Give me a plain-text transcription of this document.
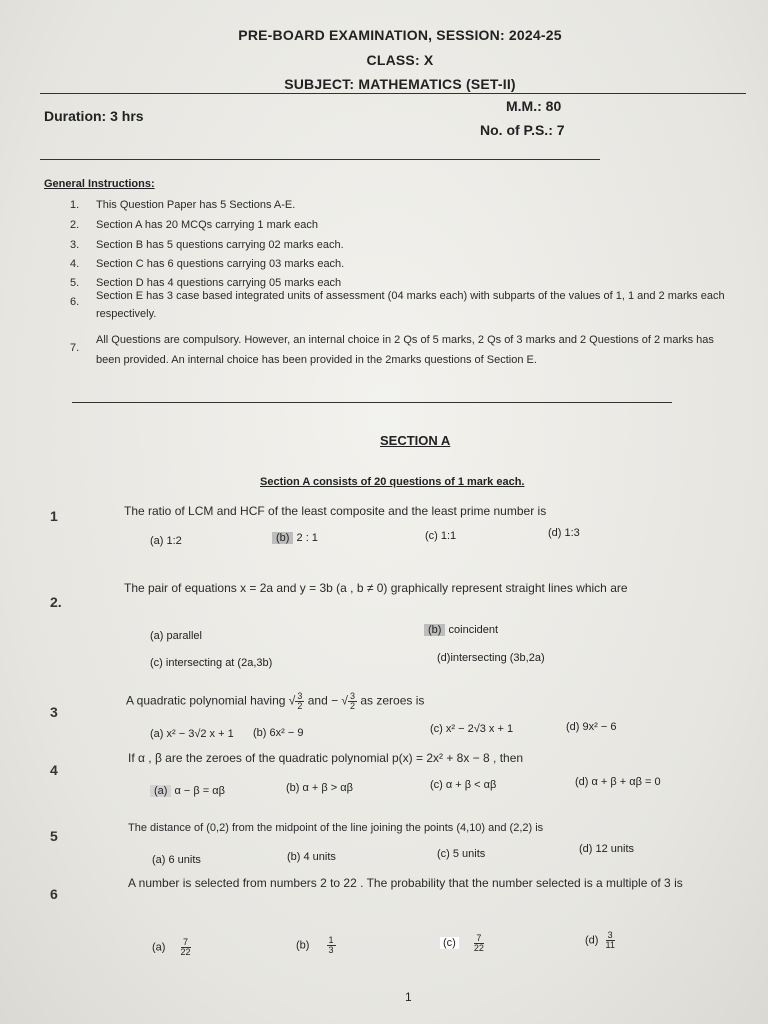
PRE-BOARD EXAMINATION, SESSION: 2024-25
CLASS: X
SUBJECT: MATHEMATICS (SET-II)
Duration: 3 hrs
M.M.: 80
No. of P.S.: 7
General Instructions:
1. This Question Paper has 5 Sections A-E.
2. Section A has 20 MCQs carrying 1 mark each
3. Section B has 5 questions carrying 02 marks each.
4. Section C has 6 questions carrying 03 marks each.
5. Section D has 4 questions carrying 05 marks each
6. Section E has 3 case based integrated units of assessment (04 marks each) with subparts of the values of 1, 1 and 2 marks each respectively.
7.
All Questions are compulsory. However, an internal choice in 2 Qs of 5 marks, 2 Qs of 3 marks and 2 Questions of 2 marks has been provided. An internal choice has been provided in the 2marks questions of Section E.
SECTION A
Section A consists of 20 questions of 1 mark each.
1	The ratio of LCM and HCF of the least composite and the least prime number is
(a) 1:2	(b) 2 : 1	(c) 1:1	(d) 1:3
2.
The pair of equations x = 2a and y = 3b (a , b ≠ 0) graphically represent straight lines which are
(a) parallel	(b) coincident
(c) intersecting at (2a,3b)	(d)intersecting (3b,2a)
3
A quadratic polynomial having √ $\frac{3}{2}$ and − √ $\frac{3}{2}$ as zeroes is
(a) x² − 3√2 x + 1 (b) 6x² − 9	(c) x² − 2√3 x + 1	(d) 9x² − 6
4
If α , β are the zeroes of the quadratic polynomial p(x) = 2x² + 8x − 8 , then
(a) α − β = αβ	(b) α + β > αβ	(c) α + β < αβ	(d) α + β + αβ = 0
5	The distance of (0,2) from the midpoint of the line joining the points (4,10) and (2,2) is
(a) 6 units	(b) 4 units	(c) 5 units	(d) 12 units
6
A number is selected from numbers 2 to 22 . The probability that the number selected is a multiple of 3 is
$(a) \frac{7}{22}$	$(b) \frac{1}{3}$	$(c) \frac{7}{22}$	$(d) \frac{3}{11}$
1
